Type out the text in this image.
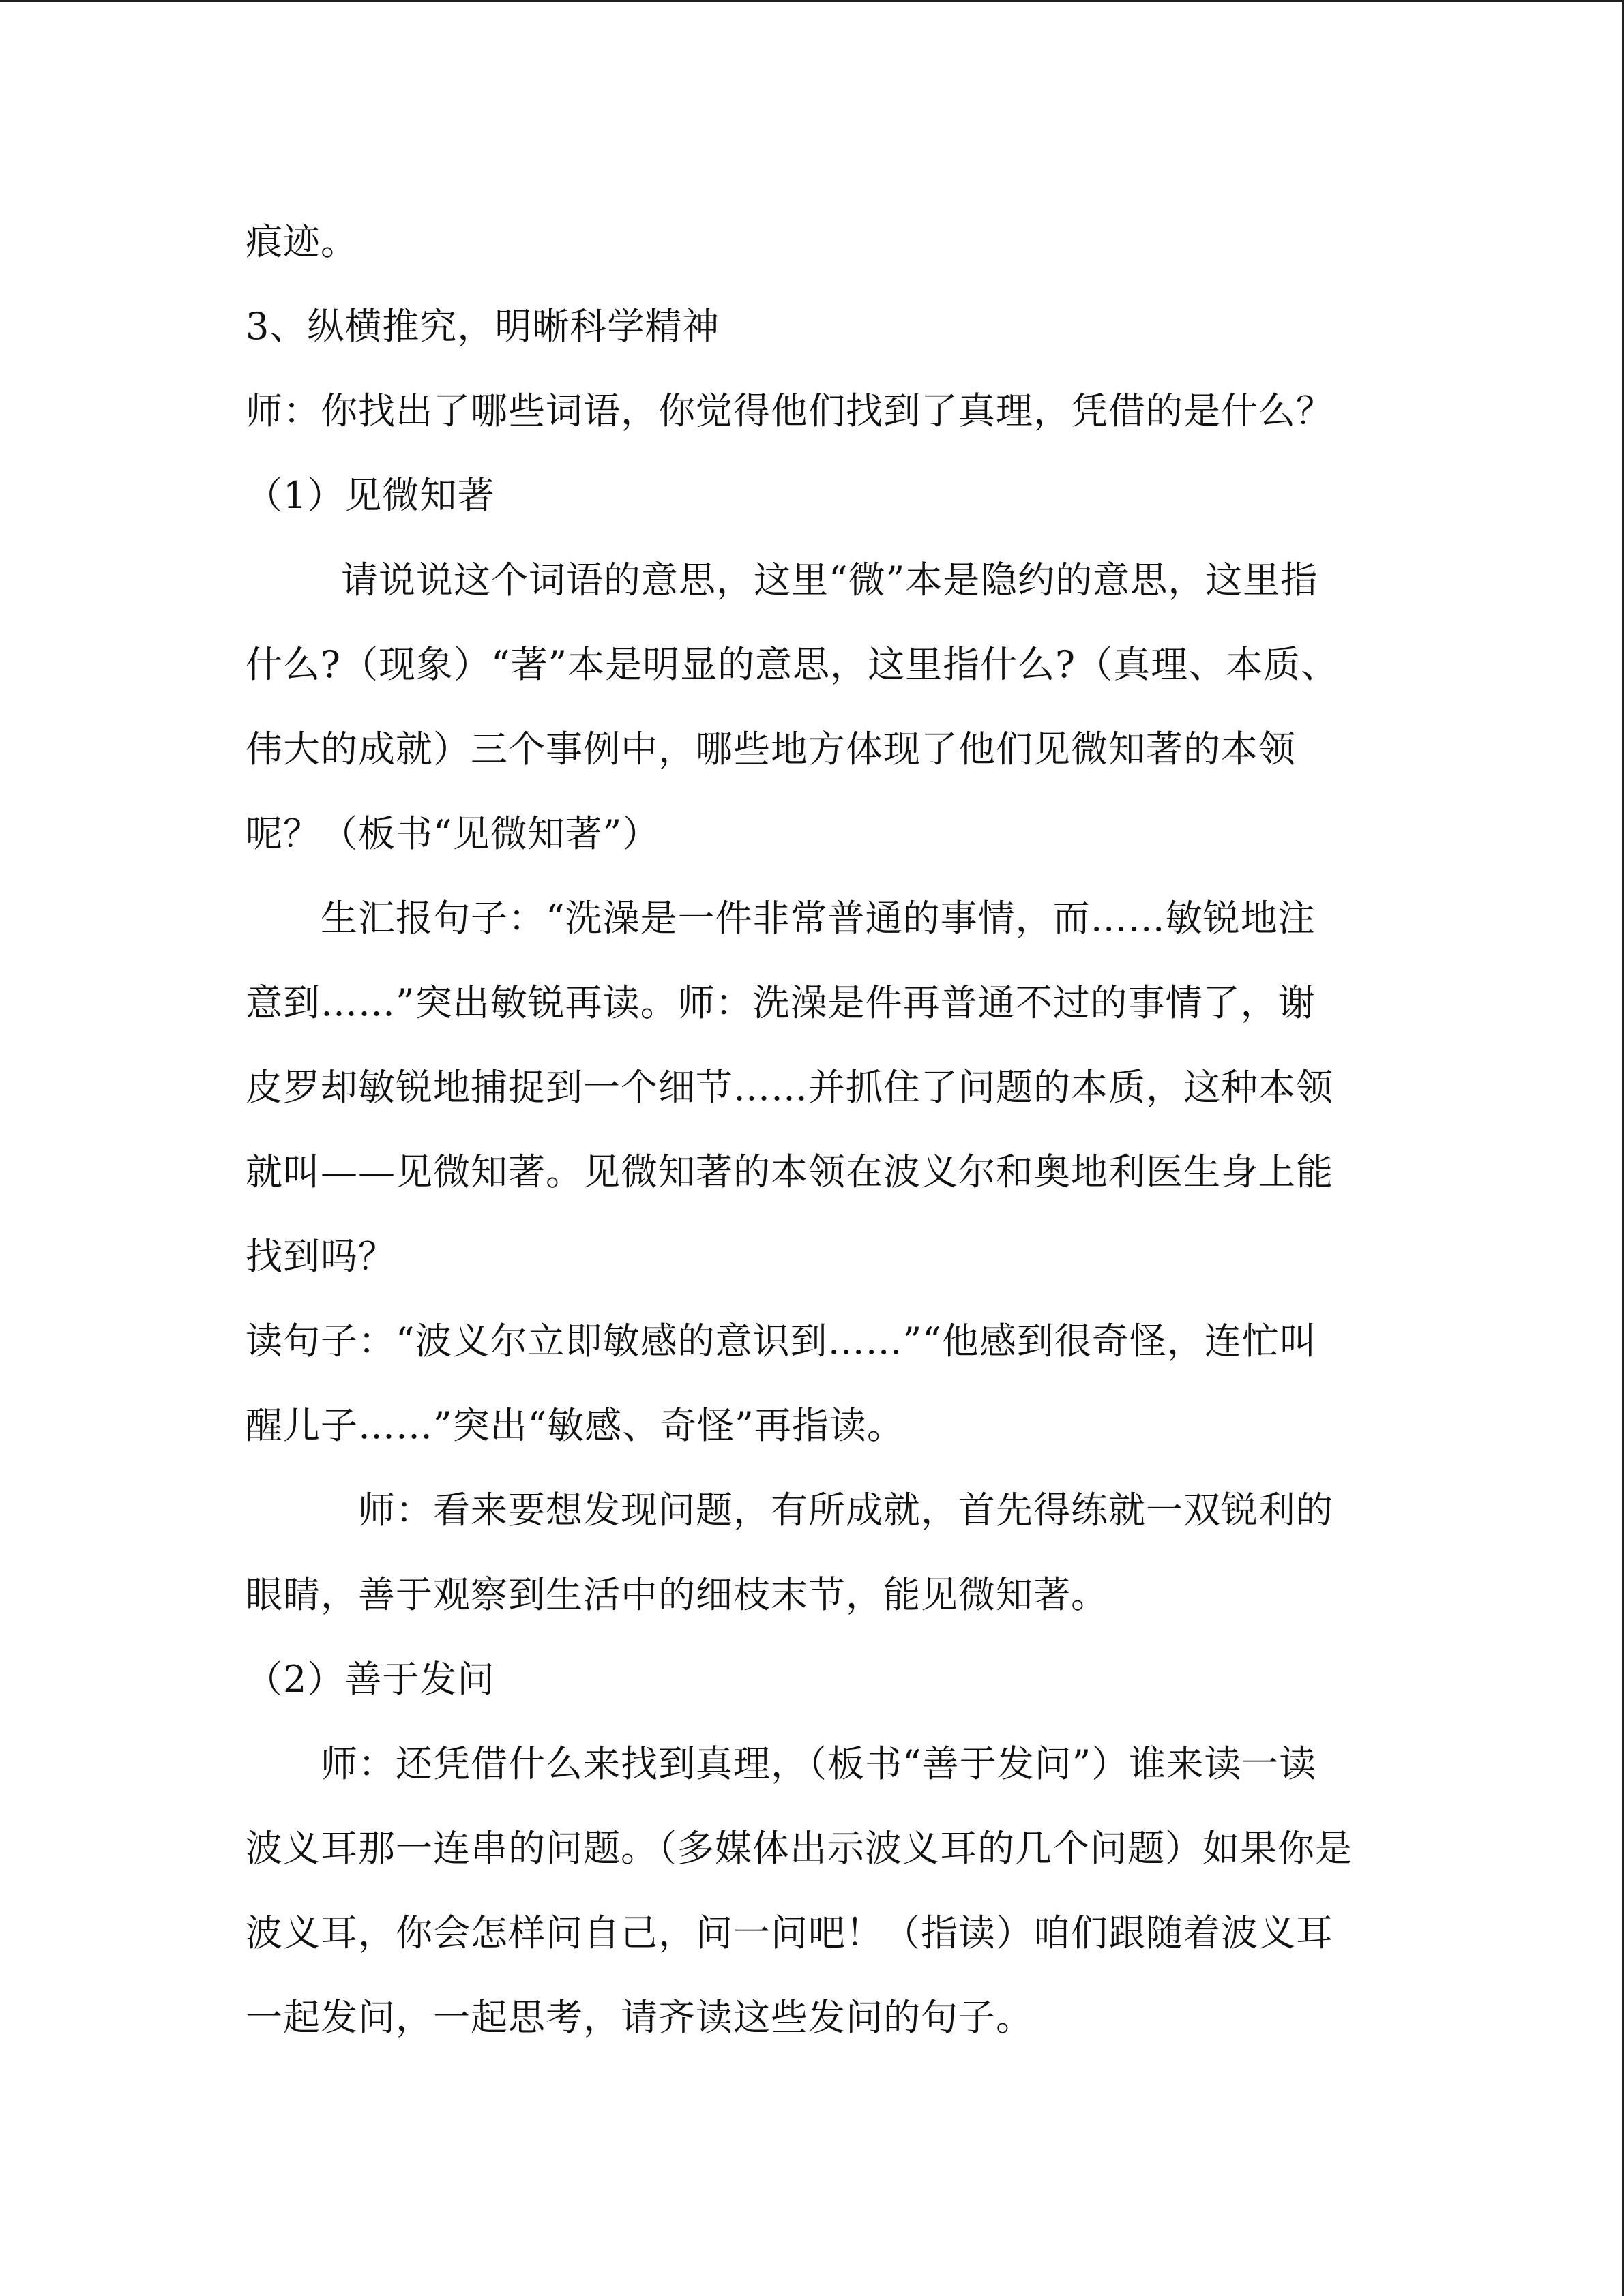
痕迹。
3、纵横推究，明晰科学精神
师：你找出了哪些词语，你觉得他们找到了真理，凭借的是什么？
（1）见微知著
请说说这个词语的意思，这里“微”本是隐约的意思，这里指
什么?（现象）“著”本是明显的意思，这里指什么?（真理、本质、
伟大的成就）三个事例中，哪些地方体现了他们见微知著的本领
呢？（板书“见微知著”）
生汇报句子：“洗澡是一件非常普通的事情，而……敏锐地注
意到……”突出敏锐再读。师：洗澡是件再普通不过的事情了，谢
皮罗却敏锐地捕捉到一个细节……并抓住了问题的本质，这种本领
就叫——见微知著。见微知著的本领在波义尔和奥地利医生身上能
找到吗？
读句子：“波义尔立即敏感的意识到……”“他感到很奇怪，连忙叫
醒儿子……”突出“敏感、奇怪”再指读。
师：看来要想发现问题，有所成就，首先得练就一双锐利的
眼睛，善于观察到生活中的细枝末节，能见微知著。
（2）善于发问
师：还凭借什么来找到真理，（板书“善于发问”）谁来读一读
波义耳那一连串的问题。（多媒体出示波义耳的几个问题）如果你是
波义耳，你会怎样问自己，问一问吧！（指读）咱们跟随着波义耳
一起发问，一起思考，请齐读这些发问的句子。
